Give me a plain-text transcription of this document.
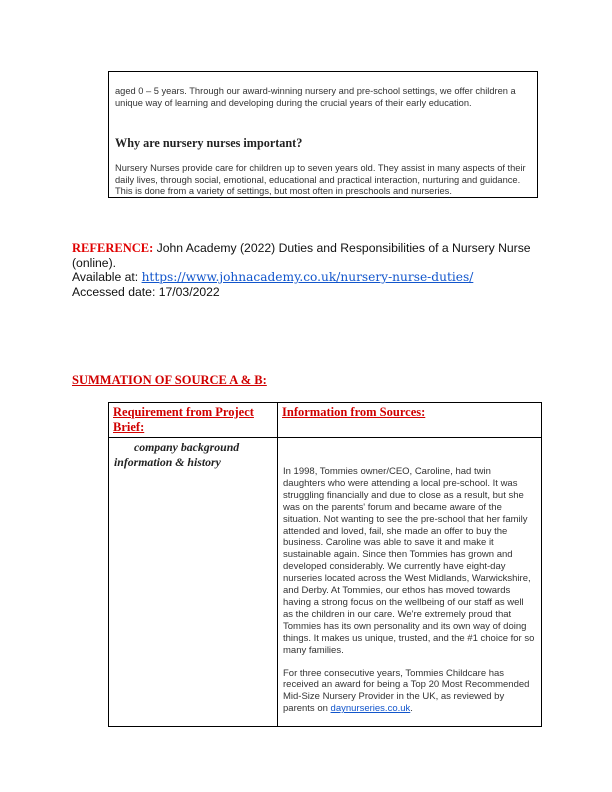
aged 0 – 5 years. Through our award-winning nursery and pre-school settings, we offer children a unique way of learning and developing during the crucial years of their early education.
Why are nursery nurses important?
Nursery Nurses provide care for children up to seven years old. They assist in many aspects of their daily lives, through social, emotional, educational and practical interaction, nurturing and guidance. This is done from a variety of settings, but most often in preschools and nurseries.
REFERENCE: John Academy (2022) Duties and Responsibilities of a Nursery Nurse (online).
Available at: https://www.johnacademy.co.uk/nursery-nurse-duties/
Accessed date: 17/03/2022
SUMMATION OF SOURCE A & B:
Requirement from Project Brief:	Information from Sources:

company background information & history	In 1998, Tommies owner/CEO, Caroline, had twin daughters who were attending a local pre-school. It was struggling financially and due to close as a result, but she was on the parents' forum and became aware of the situation. Not wanting to see the pre-school that her family attended and loved, fail, she made an offer to buy the business. Caroline was able to save it and make it sustainable again. Since then Tommies has grown and developed considerably. We currently have eight-day nurseries located across the West Midlands, Warwickshire, and Derby. At Tommies, our ethos has moved towards having a strong focus on the wellbeing of our staff as well as the children in our care. We're extremely proud that Tommies has its own personality and its own way of doing things. It makes us unique, trusted, and the #1 choice for so many families.

For three consecutive years, Tommies Childcare has received an award for being a Top 20 Most Recommended Mid-Size Nursery Provider in the UK, as reviewed by parents on daynurseries.co.uk.
